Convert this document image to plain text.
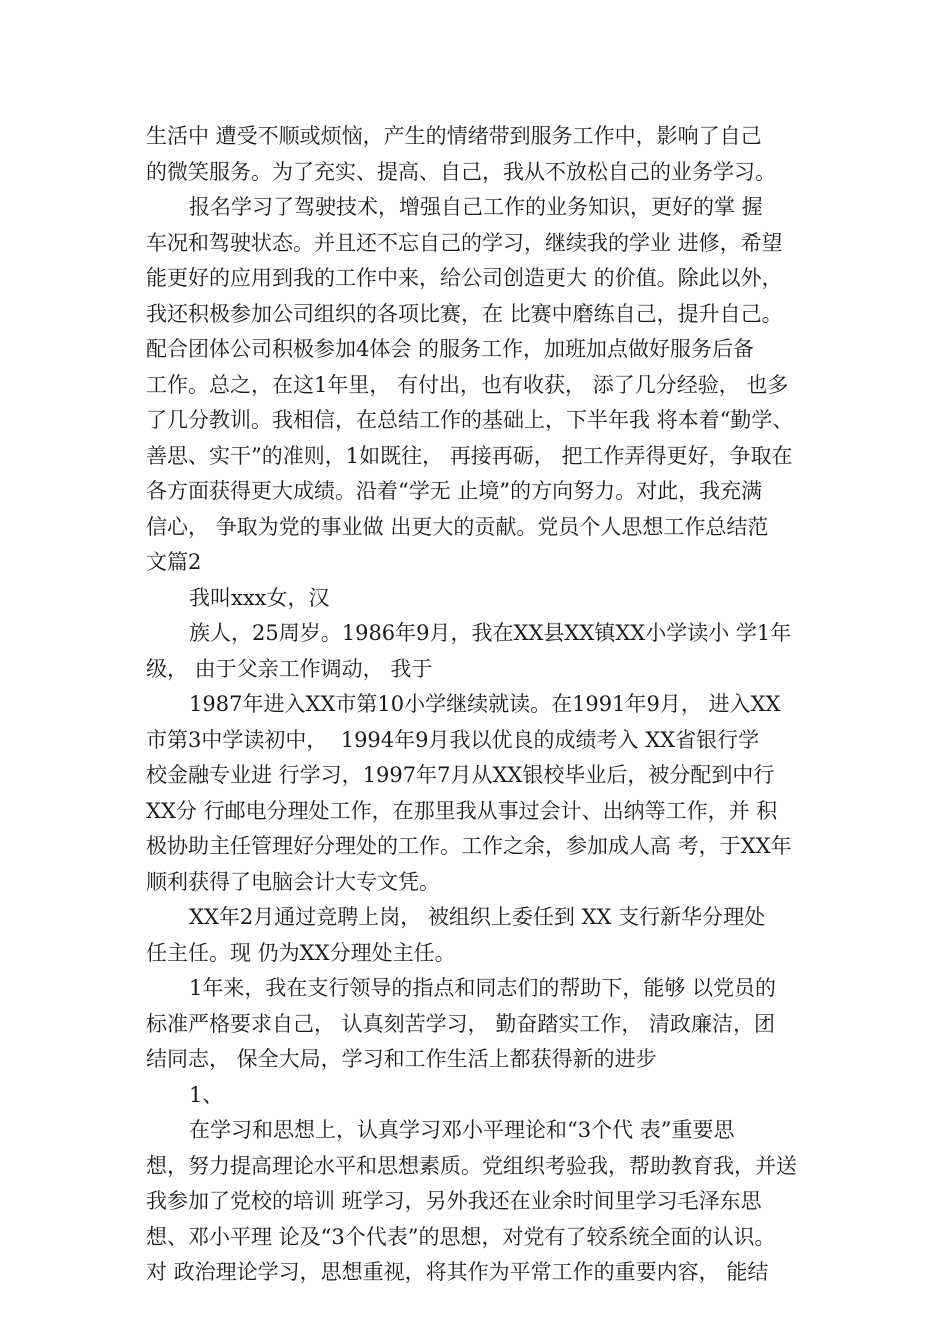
生活中 遭受不顺或烦恼，产生的情绪带到服务工作中，影响了自己
的微笑服务。为了充实、提高、自己，我从不放松自己的业务学习。
报名学习了驾驶技术，增强自己工作的业务知识，更好的掌 握
车况和驾驶状态。并且还不忘自己的学习，继续我的学业 进修，希望
能更好的应用到我的工作中来，给公司创造更大 的价值。除此以外，
我还积极参加公司组织的各项比赛，在 比赛中磨练自己，提升自己。
配合团体公司积极参加4体会 的服务工作，加班加点做好服务后备
工作。总之，在这1年里， 有付出，也有收获， 添了几分经验， 也多
了几分教训。我相信，在总结工作的基础上，下半年我 将本着“勤学、
善思、实干”的准则，1如既往， 再接再砺， 把工作弄得更好，争取在
各方面获得更大成绩。沿着“学无 止境”的方向努力。对此，我充满
信心， 争取为党的事业做 出更大的贡献。党员个人思想工作总结范
文篇2
我叫xxx女，汉
族人，25周岁。1986年9月，我在XX县XX镇XX小学读小 学1年
级， 由于父亲工作调动， 我于
1987年进入XX市第10小学继续就读。在1991年9月， 进入XX
市第3中学读初中，  1994年9月我以优良的成绩考入 XX省银行学
校金融专业进 行学习，1997年7月从XX银校毕业后，被分配到中行
XX分 行邮电分理处工作，在那里我从事过会计、出纳等工作，并 积
极协助主任管理好分理处的工作。工作之余，参加成人高 考，于XX年
顺利获得了电脑会计大专文凭。
XX年2月通过竞聘上岗， 被组织上委任到 XX 支行新华分理处
任主任。现 仍为XX分理处主任。
1年来，我在支行领导的指点和同志们的帮助下，能够 以党员的
标准严格要求自己， 认真刻苦学习， 勤奋踏实工作， 清政廉洁，团
结同志， 保全大局，学习和工作生活上都获得新的进步
1、
在学习和思想上，认真学习邓小平理论和“3个代 表”重要思
想，努力提高理论水平和思想素质。党组织考验我，帮助教育我，并送
我参加了党校的培训 班学习，另外我还在业余时间里学习毛泽东思
想、邓小平理 论及“3个代表”的思想，对党有了较系统全面的认识。
对 政治理论学习，思想重视，将其作为平常工作的重要内容， 能结
